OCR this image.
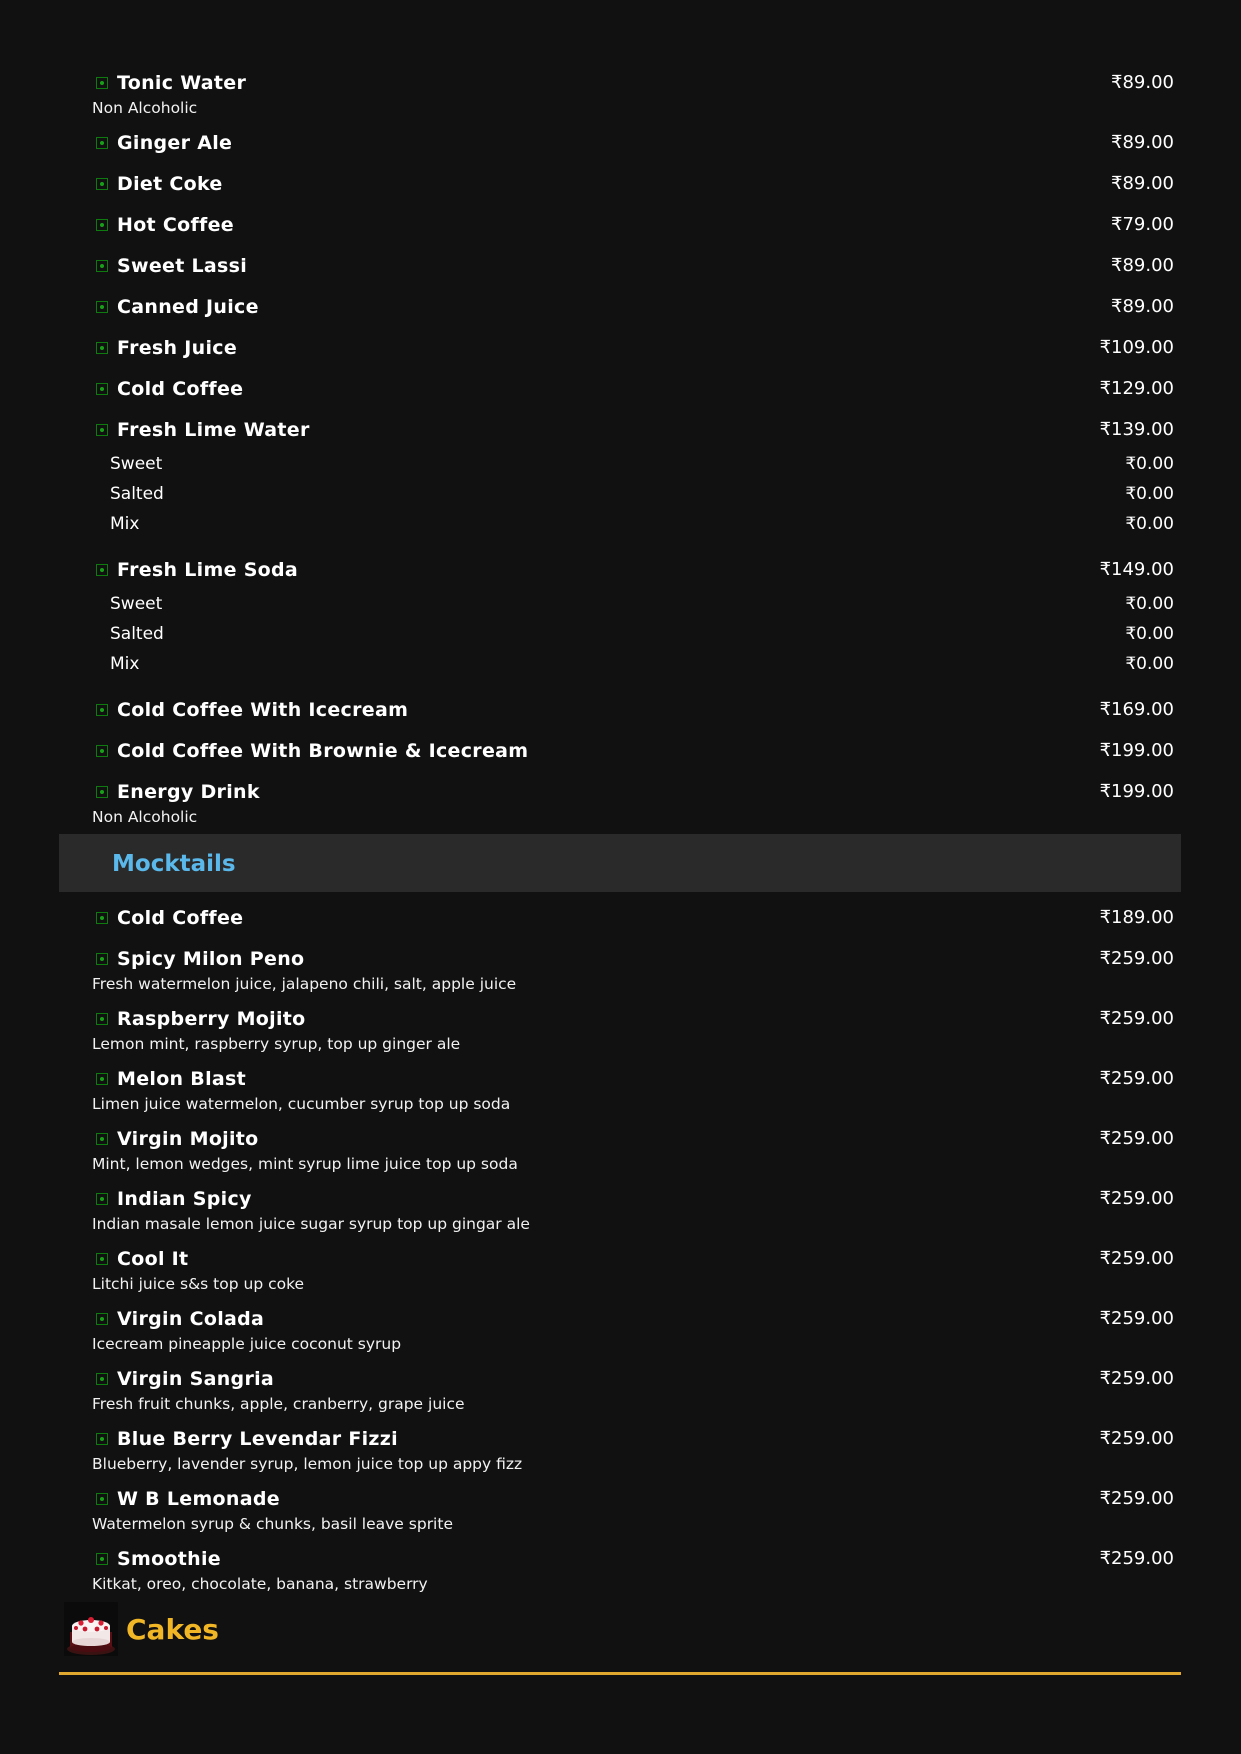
Tonic Water	₹89.00
Non Alcoholic
Ginger Ale	₹89.00
Diet Coke	₹89.00
Hot Coffee	₹79.00
Sweet Lassi	₹89.00
Canned Juice	₹89.00
Fresh Juice	₹109.00
Cold Coffee	₹129.00
Fresh Lime Water	₹139.00
Sweet	₹0.00
Salted	₹0.00
Mix	₹0.00
Fresh Lime Soda	₹149.00
Sweet	₹0.00
Salted	₹0.00
Mix	₹0.00
Cold Coffee With Icecream	₹169.00
Cold Coffee With Brownie & Icecream	₹199.00
Energy Drink	₹199.00
Non Alcoholic
Mocktails
Cold Coffee	₹189.00
Spicy Milon Peno	₹259.00
Fresh watermelon juice, jalapeno chili, salt, apple juice
Raspberry Mojito	₹259.00
Lemon mint, raspberry syrup, top up ginger ale
Melon Blast	₹259.00
Limen juice watermelon, cucumber syrup top up soda
Virgin Mojito	₹259.00
Mint, lemon wedges, mint syrup lime juice top up soda
Indian Spicy	₹259.00
Indian masale lemon juice sugar syrup top up gingar ale
Cool It	₹259.00
Litchi juice s&s top up coke
Virgin Colada	₹259.00
Icecream pineapple juice coconut syrup
Virgin Sangria	₹259.00
Fresh fruit chunks, apple, cranberry, grape juice
Blue Berry Levendar Fizzi	₹259.00
Blueberry, lavender syrup, lemon juice top up appy fizz
W B Lemonade	₹259.00
Watermelon syrup & chunks, basil leave sprite
Smoothie	₹259.00
Kitkat, oreo, chocolate, banana, strawberry
Cakes
